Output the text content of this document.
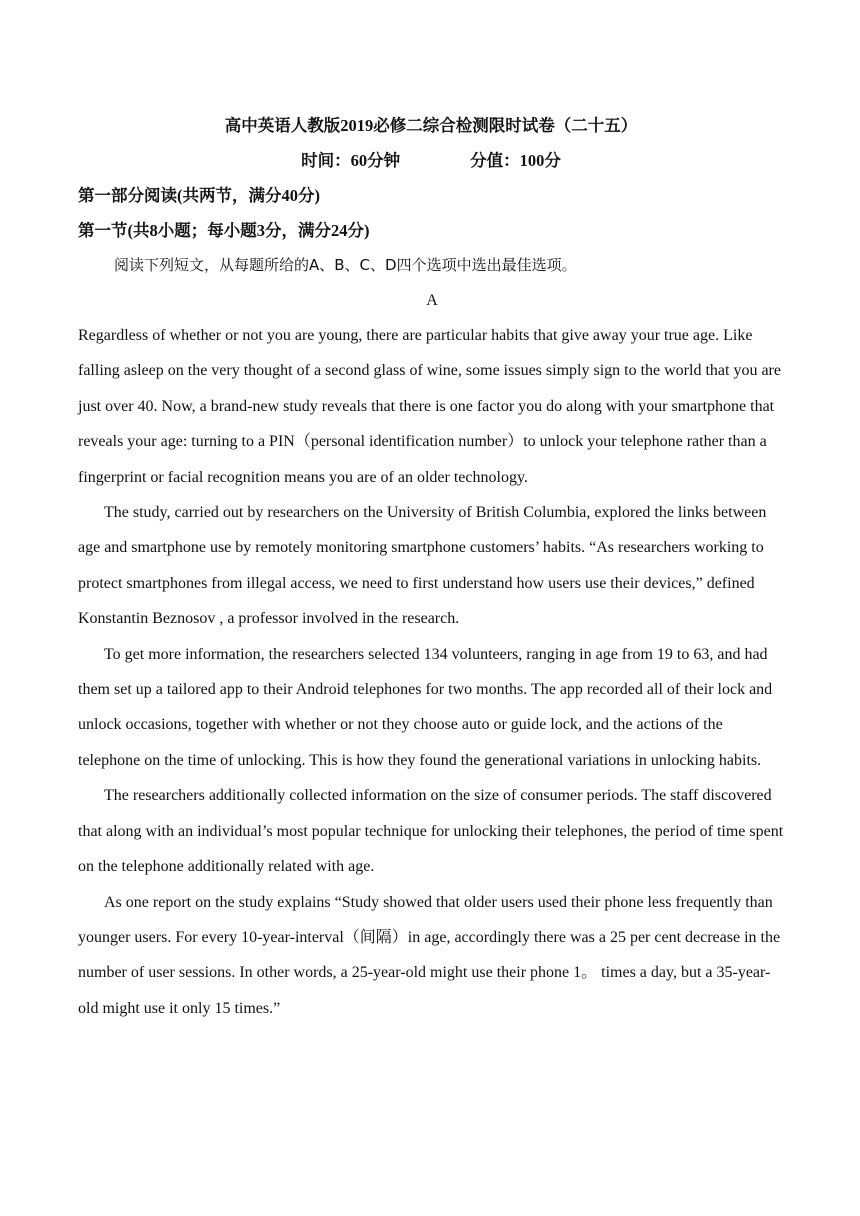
高中英语人教版2019必修二综合检测限时试卷（二十五）
时间：60分钟	分值：100分
第一部分阅读(共两节，满分40分)
第一节(共8小题；每小题3分，满分24分)
阅读下列短文，从每题所给的A、B、C、D四个选项中选出最佳选项。
A

Regardless of whether or not you are young, there are particular habits that give away your true age. Like falling asleep on the very thought of a second glass of wine, some issues simply sign to the world that you are just over 40. Now, a brand-new study reveals that there is one factor you do along with your smartphone that reveals your age: turning to a PIN（personal identification number）to unlock your telephone rather than a fingerprint or facial recognition means you are of an older technology.

The study, carried out by researchers on the University of British Columbia, explored the links between age and smartphone use by remotely monitoring smartphone customers’ habits. “As researchers working to protect smartphones from illegal access, we need to first understand how users use their devices,” defined Konstantin Beznosov , a professor involved in the research.

To get more information, the researchers selected 134 volunteers, ranging in age from 19 to 63, and had them set up a tailored app to their Android telephones for two months. The app recorded all of their lock and unlock occasions, together with whether or not they choose auto or guide lock, and the actions of the telephone on the time of unlocking. This is how they found the generational variations in unlocking habits.

The researchers additionally collected information on the size of consumer periods. The staff discovered that along with an individual’s most popular technique for unlocking their telephones, the period of time spent on the telephone additionally related with age.

As one report on the study explains “Study showed that older users used their phone less frequently than younger users. For every 10-year-interval（间隔）in age, accordingly there was a 25 per cent decrease in the number of user sessions. In other words, a 25-year-old might use their phone 1。 times a day, but a 35-year-old might use it only 15 times.”
